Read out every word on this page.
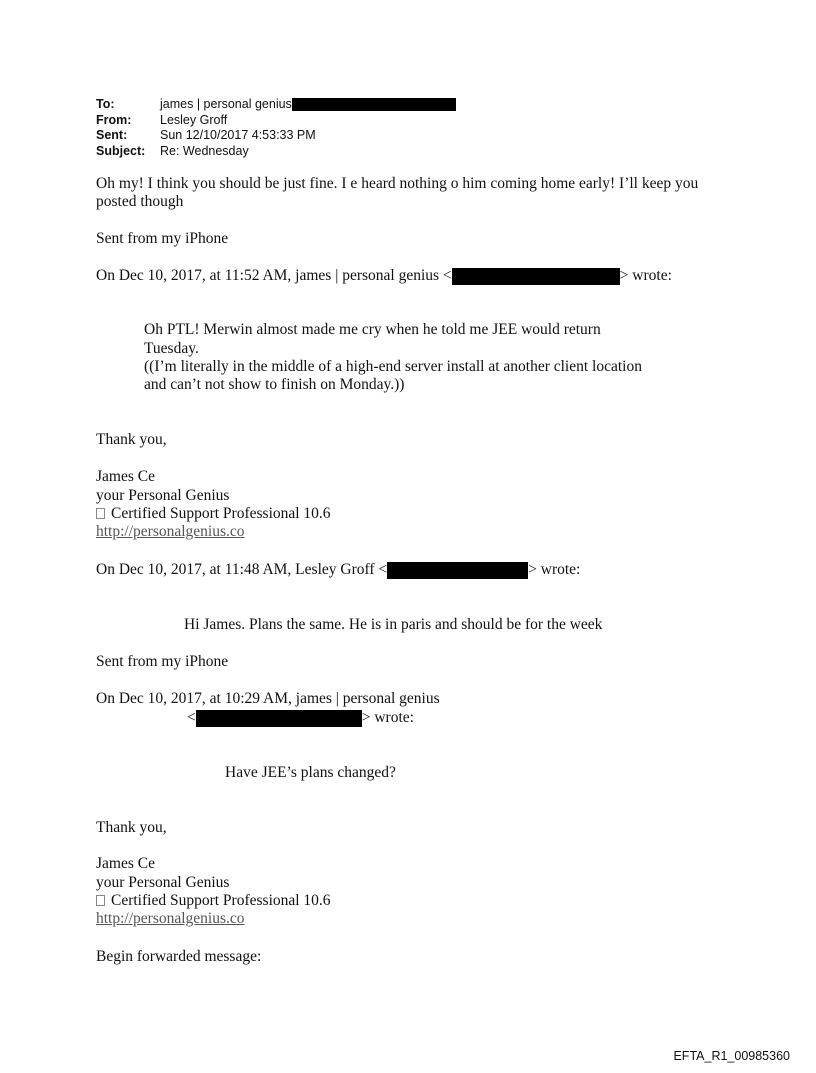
To:	james | personal genius
From:	Lesley Groff
Sent:	Sun 12/10/2017 4:53:33 PM
Subject:	Re: Wednesday
Oh my! I think you should be just fine. I e heard nothing o him coming home early! I’ll keep you
posted though
Sent from my iPhone
On Dec 10, 2017, at 11:52 AM, james | personal genius <	> wrote:
Oh PTL! Merwin almost made me cry when he told me JEE would return
Tuesday.
((I’m literally in the middle of a high-end server install at another client location
and can’t not show to finish on Monday.))
Thank you,
James Ce
your Personal Genius
Certified Support Professional 10.6
http://personalgenius.co
On Dec 10, 2017, at 11:48 AM, Lesley Groff <	> wrote:
Hi James. Plans the same. He is in paris and should be for the week
Sent from my iPhone
On Dec 10, 2017, at 10:29 AM, james | personal genius
<	> wrote:
Have JEE’s plans changed?
Thank you,
James Ce
your Personal Genius
Certified Support Professional 10.6
http://personalgenius.co
Begin forwarded message:
EFTA_R1_00985360
